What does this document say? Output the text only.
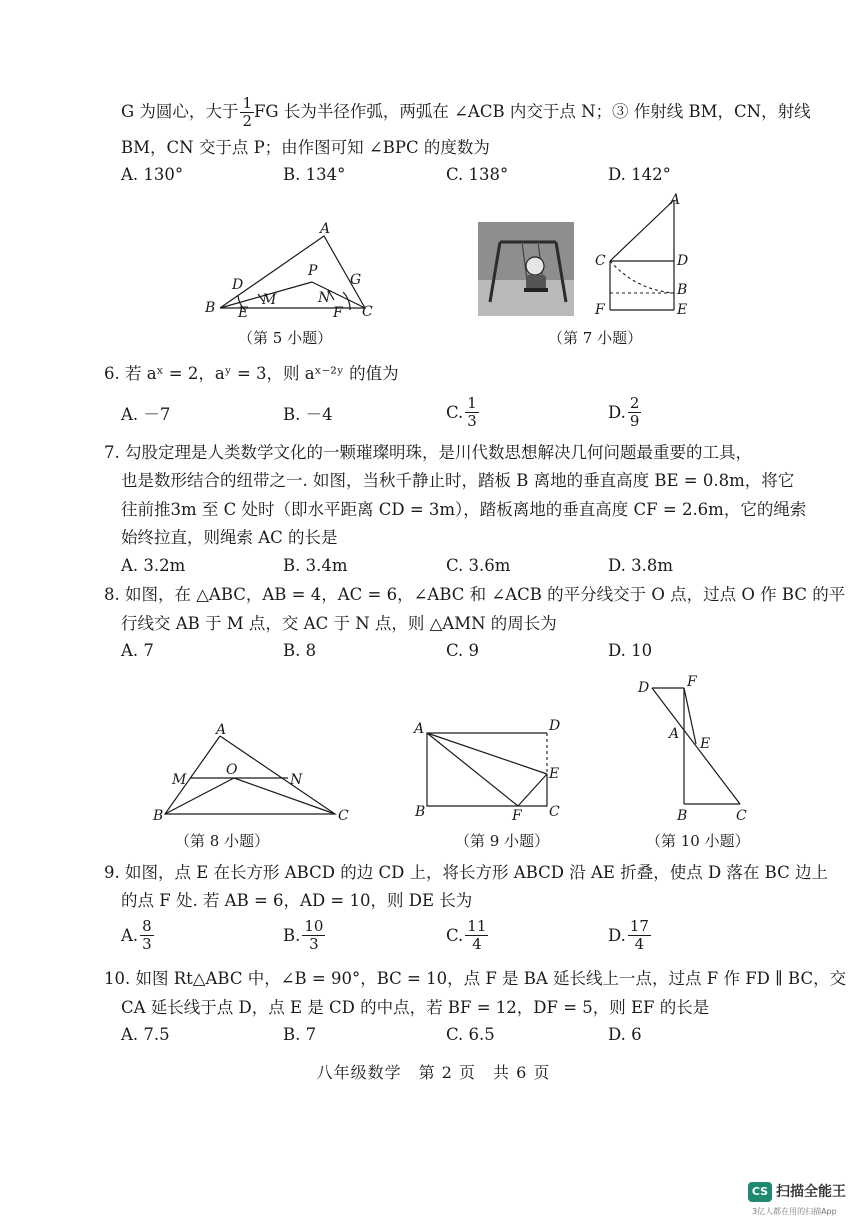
G 为圆心，大于 $\frac{1}{2}$ FG 长为半径作弧，两弧在 ∠ACB 内交于点 N；③ 作射线 BM，CN，射线
BM，CN 交于点 P；由作图可知 ∠BPC 的度数为
A. 130°	B. 134°	C. 138°	D. 142°
A
B	C
D
E	F
G
M	N
P
（第 5 小题）
A
B
C	D
E
F
（第 7 小题）
6. 若 aˣ = 2，aʸ = 3，则 aˣ⁻²ʸ 的值为
A. －7	B. －4	C. $\frac{1}{3}$	D. $\frac{2}{9}$
7. 勾股定理是人类数学文化的一颗璀璨明珠，是川代数思想解决几何问题最重要的工具，
也是数形结合的纽带之一. 如图，当秋千静止时，踏板 B 离地的垂直高度 BE = 0.8m，将它
往前推3m 至 C 处时（即水平距离 CD = 3m），踏板离地的垂直高度 CF = 2.6m，它的绳索
始终拉直，则绳索 AC 的长是
A. 3.2m	B. 3.4m	C. 3.6m	D. 3.8m
8. 如图，在 △ABC，AB = 4，AC = 6，∠ABC 和 ∠ACB 的平分线交于 O 点，过点 O 作 BC 的平
行线交 AB 于 M 点，交 AC 于 N 点，则 △AMN 的周长为
A. 7	B. 8	C. 9	D. 10
A
B	C
M	N
O
（第 8 小题）
A
B	C
D
E
F
（第 9 小题）
D	F
A
E
B	C
（第 10 小题）
9. 如图，点 E 在长方形 ABCD 的边 CD 上，将长方形 ABCD 沿 AE 折叠，使点 D 落在 BC 边上
的点 F 处. 若 AB = 6，AD = 10，则 DE 长为
A. $\frac{8}{3}$	B. $\frac{10}{3}$	C. $\frac{11}{4}$	D. $\frac{17}{4}$
10. 如图 Rt△ABC 中，∠B = 90°，BC = 10，点 F 是 BA 延长线上一点，过点 F 作 FD ∥ BC，交
CA 延长线于点 D，点 E 是 CD 的中点，若 BF = 12，DF = 5，则 EF 的长是
A. 7.5	B. 7	C. 6.5	D. 6
八年级数学　第 2 页　共 6 页
CS 扫描全能王
3亿人都在用的扫描App
